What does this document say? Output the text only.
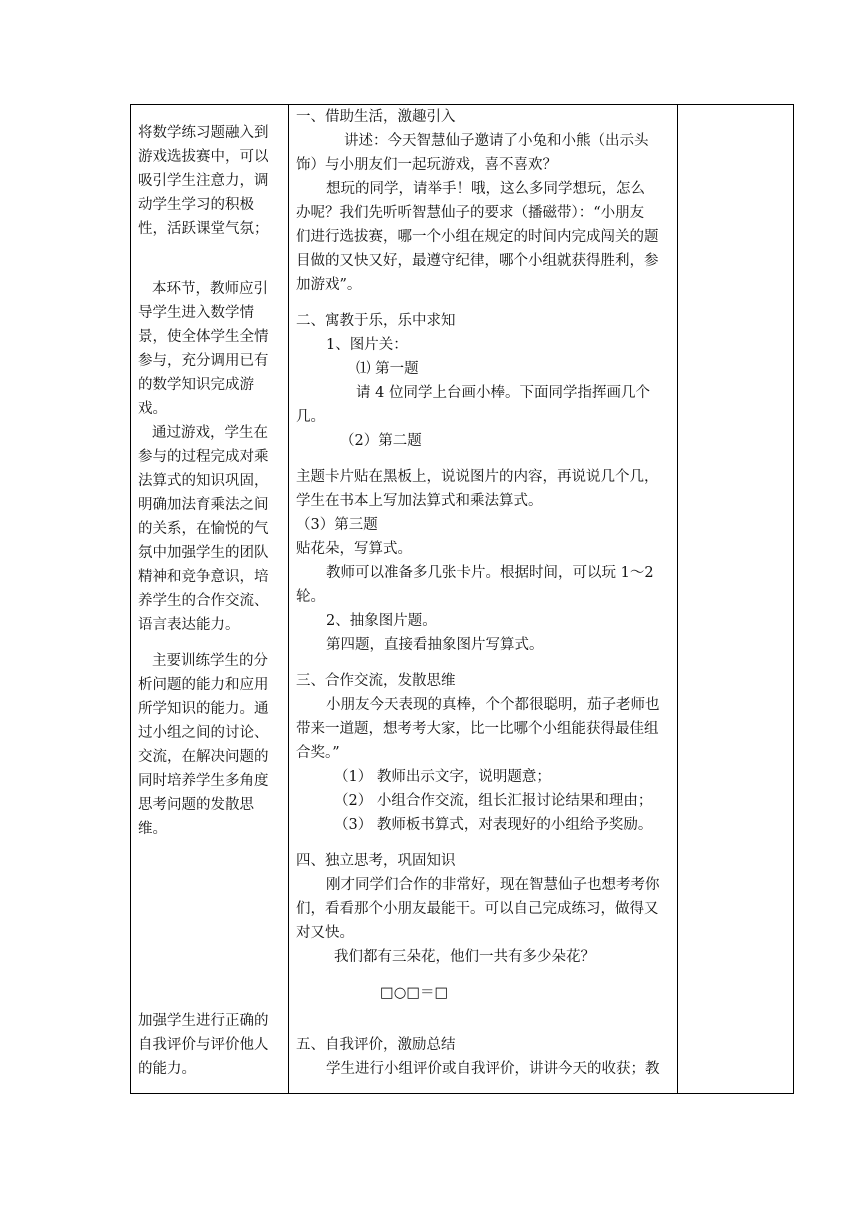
将数学练习题融入到
游戏选拔赛中，可以
吸引学生注意力，调
动学生学习的积极
性，活跃课堂气氛；
本环节，教师应引
导学生进入数学情
景，使全体学生全情
参与，充分调用已有
的数学知识完成游
戏。
通过游戏，学生在
参与的过程完成对乘
法算式的知识巩固，
明确加法育乘法之间
的关系，在愉悦的气
氛中加强学生的团队
精神和竞争意识，培
养学生的合作交流、
语言表达能力。
主要训练学生的分
析问题的能力和应用
所学知识的能力。通
过小组之间的讨论、
交流，在解决问题的
同时培养学生多角度
思考问题的发散思
维。
加强学生进行正确的
自我评价与评价他人
的能力。
一、借助生活，激趣引入
讲述：今天智慧仙子邀请了小兔和小熊（出示头
饰）与小朋友们一起玩游戏，喜不喜欢？
想玩的同学，请举手！哦，这么多同学想玩，怎么
办呢？我们先听听智慧仙子的要求（播磁带）：“小朋友
们进行选拔赛，哪一个小组在规定的时间内完成闯关的题
目做的又快又好，最遵守纪律，哪个小组就获得胜利，参
加游戏”。
二、寓教于乐，乐中求知
1、图片关：
⑴ 第一题
请 4 位同学上台画小棒。下面同学指挥画几个
几。
（2）第二题
主题卡片贴在黑板上，说说图片的内容，再说说几个几，
学生在书本上写加法算式和乘法算式。
（3）第三题
贴花朵，写算式。
教师可以准备多几张卡片。根据时间，可以玩 1～2
轮。
2、抽象图片题。
第四题，直接看抽象图片写算式。
三、合作交流，发散思维
小朋友今天表现的真棒，个个都很聪明，茄子老师也
带来一道题，想考考大家，比一比哪个小组能获得最佳组
合奖。”
（1） 教师出示文字，说明题意；
（2） 小组合作交流，组长汇报讨论结果和理由；
（3） 教师板书算式，对表现好的小组给予奖励。
四、独立思考，巩固知识
刚才同学们合作的非常好，现在智慧仙子也想考考你
们，看看那个小朋友最能干。可以自己完成练习，做得又
对又快。
我们都有三朵花，他们一共有多少朵花？
□○□＝□
五、自我评价，激励总结
学生进行小组评价或自我评价，讲讲今天的收获；教
